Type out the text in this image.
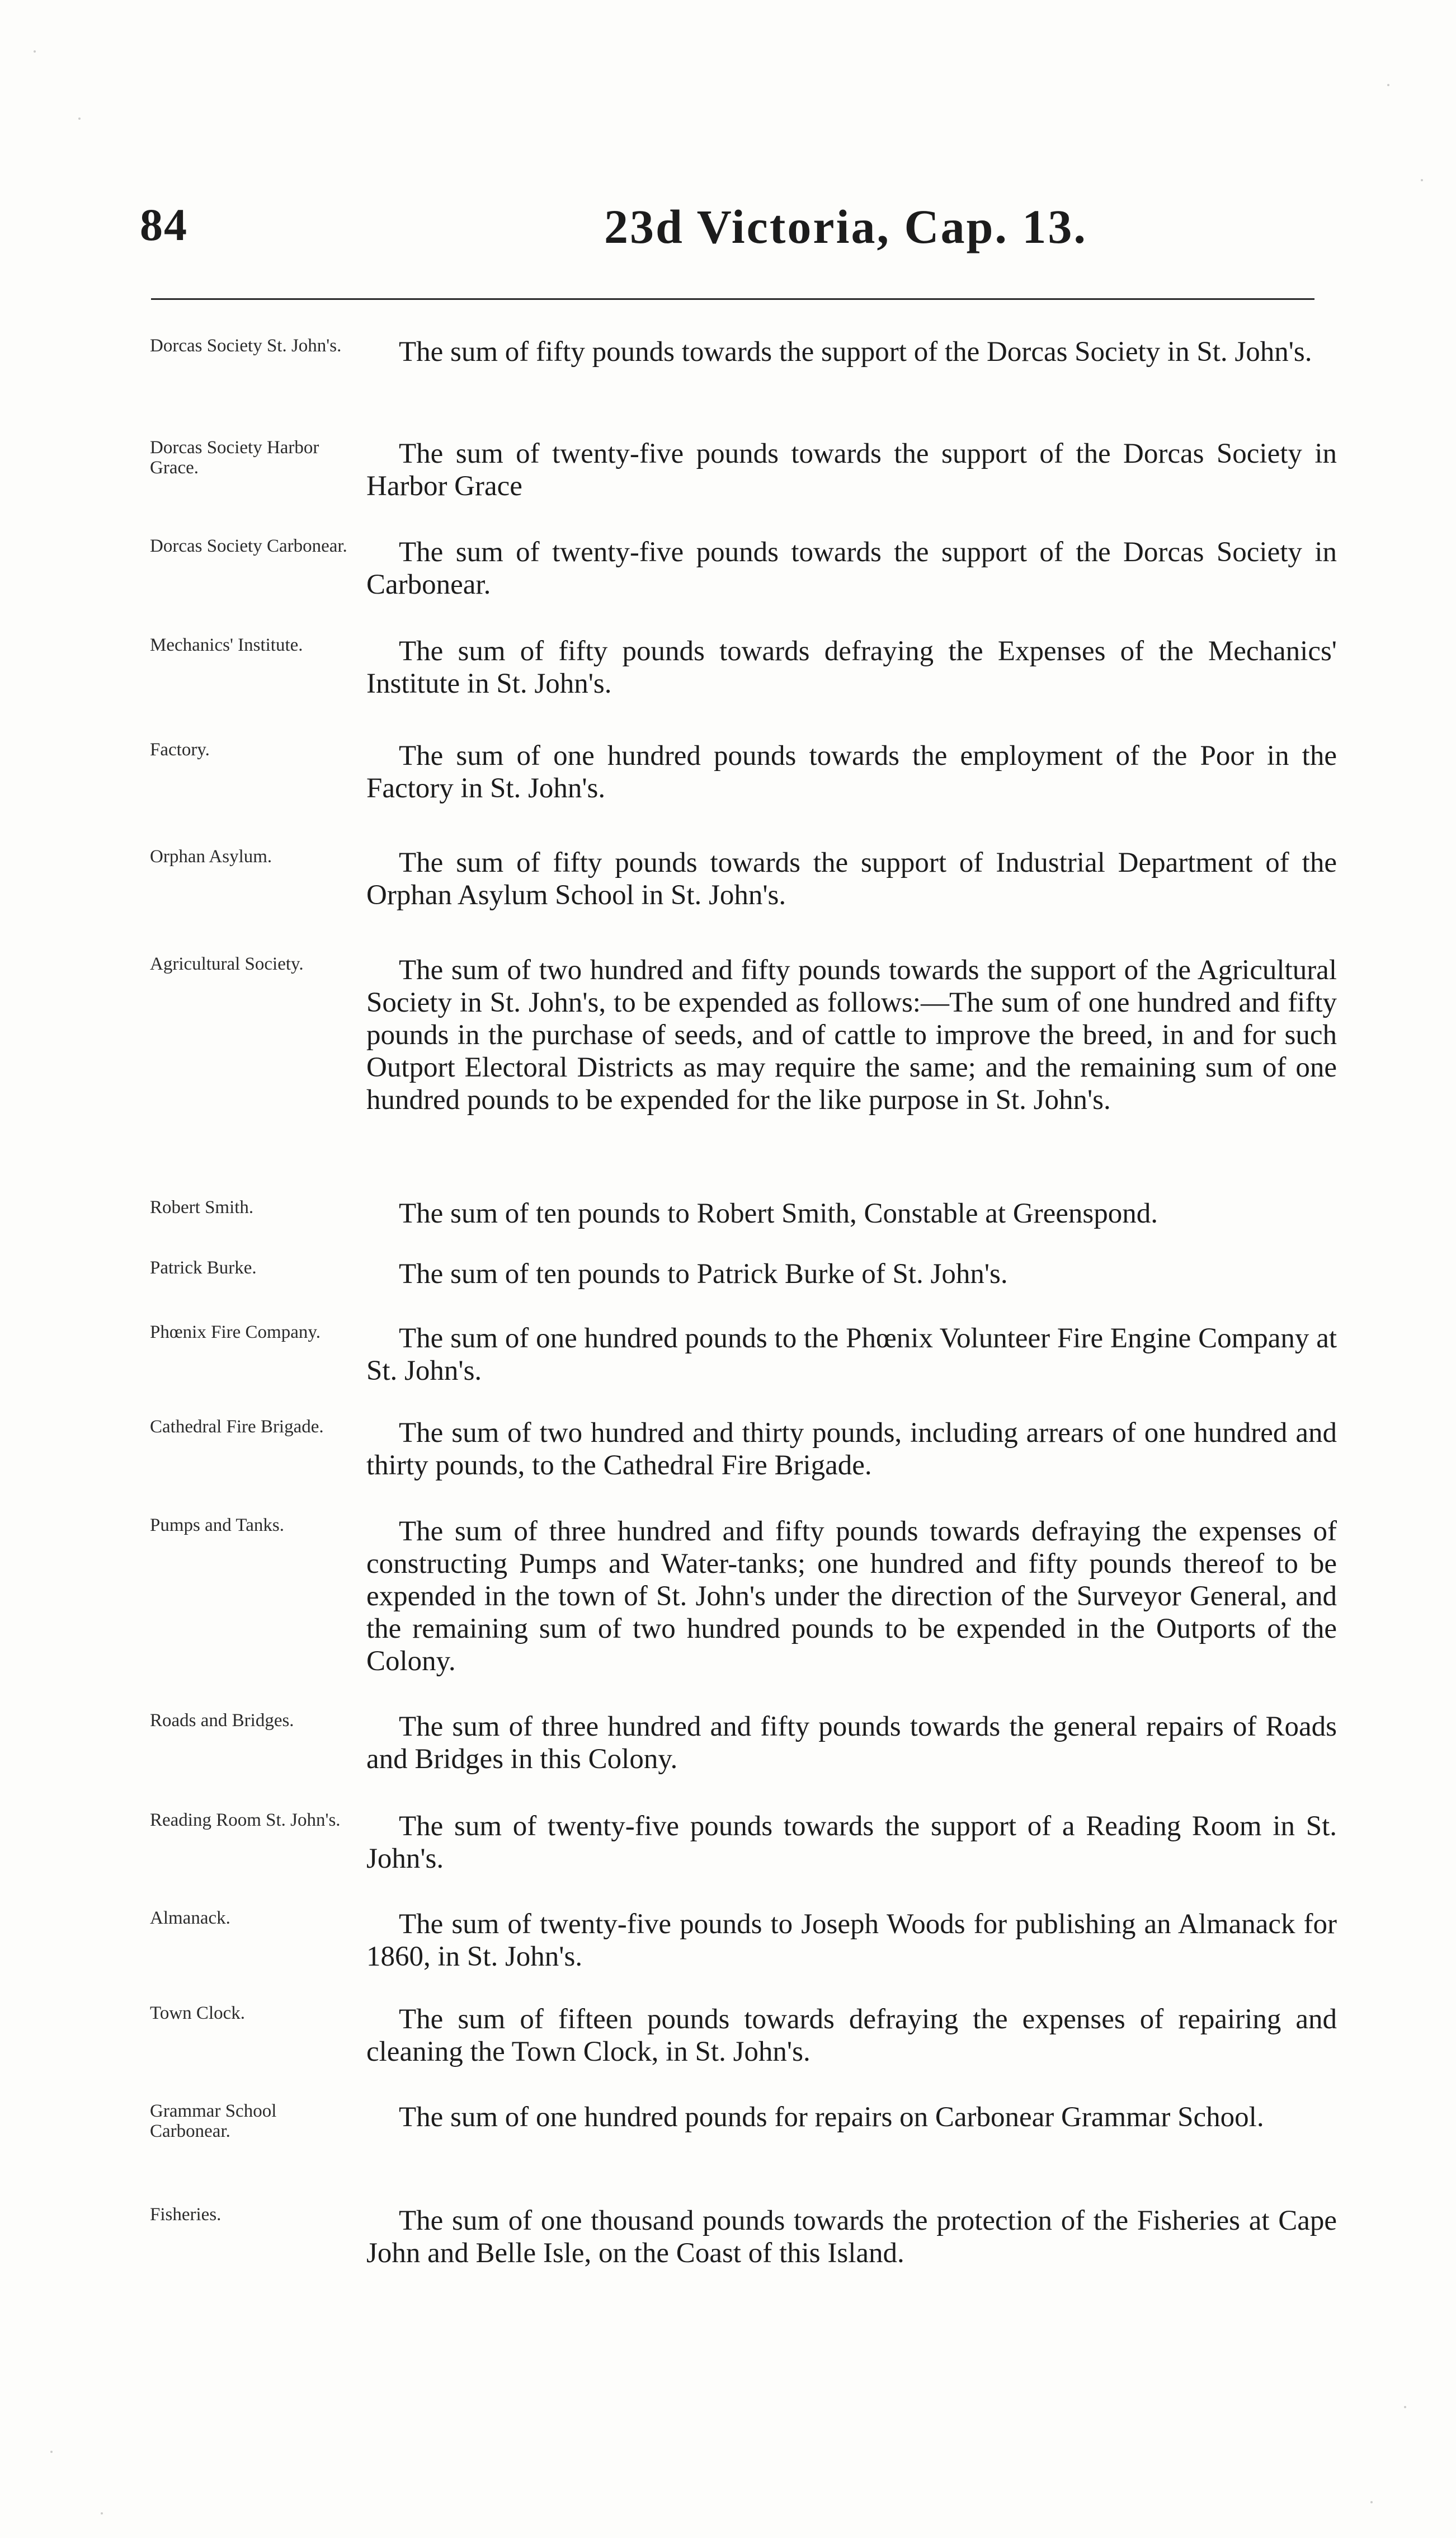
84	23d Victoria, Cap. 13.
Dorcas Society St. John's.	The sum of fifty pounds towards the support of the Dorcas Society in St. John's.
Dorcas Society Harbor Grace.	The sum of twenty-five pounds towards the support of the Dorcas Society in Harbor Grace
Dorcas Society Carbonear.	The sum of twenty-five pounds towards the support of the Dorcas Society in Carbonear.
Mechanics' Institute.	The sum of fifty pounds towards defraying the Expenses of the Mechanics' Institute in St. John's.
Factory.	The sum of one hundred pounds towards the employment of the Poor in the Factory in St. John's.
Orphan Asylum.	The sum of fifty pounds towards the support of Industrial Department of the Orphan Asylum School in St. John's.
Agricultural Society.	The sum of two hundred and fifty pounds towards the support of the Agricultural Society in St. John's, to be expended as follows:—The sum of one hundred and fifty pounds in the purchase of seeds, and of cattle to improve the breed, in and for such Outport Electoral Districts as may require the same; and the remaining sum of one hundred pounds to be expended for the like purpose in St. John's.
Robert Smith.	The sum of ten pounds to Robert Smith, Constable at Greenspond.
Patrick Burke.	The sum of ten pounds to Patrick Burke of St. John's.
Phœnix Fire Company.	The sum of one hundred pounds to the Phœnix Volunteer Fire Engine Company at St. John's.
Cathedral Fire Brigade.	The sum of two hundred and thirty pounds, including arrears of one hundred and thirty pounds, to the Cathedral Fire Brigade.
Pumps and Tanks.	The sum of three hundred and fifty pounds towards defraying the expenses of constructing Pumps and Water-tanks; one hundred and fifty pounds thereof to be expended in the town of St. John's under the direction of the Surveyor General, and the remaining sum of two hundred pounds to be expended in the Outports of the Colony.
Roads and Bridges.	The sum of three hundred and fifty pounds towards the general repairs of Roads and Bridges in this Colony.
Reading Room St. John's.	The sum of twenty-five pounds towards the support of a Reading Room in St. John's.
Almanack.	The sum of twenty-five pounds to Joseph Woods for publishing an Almanack for 1860, in St. John's.
Town Clock.	The sum of fifteen pounds towards defraying the expenses of repairing and cleaning the Town Clock, in St. John's.
Grammar School Carbonear.	The sum of one hundred pounds for repairs on Carbonear Grammar School.
Fisheries.	The sum of one thousand pounds towards the protection of the Fisheries at Cape John and Belle Isle, on the Coast of this Island.
